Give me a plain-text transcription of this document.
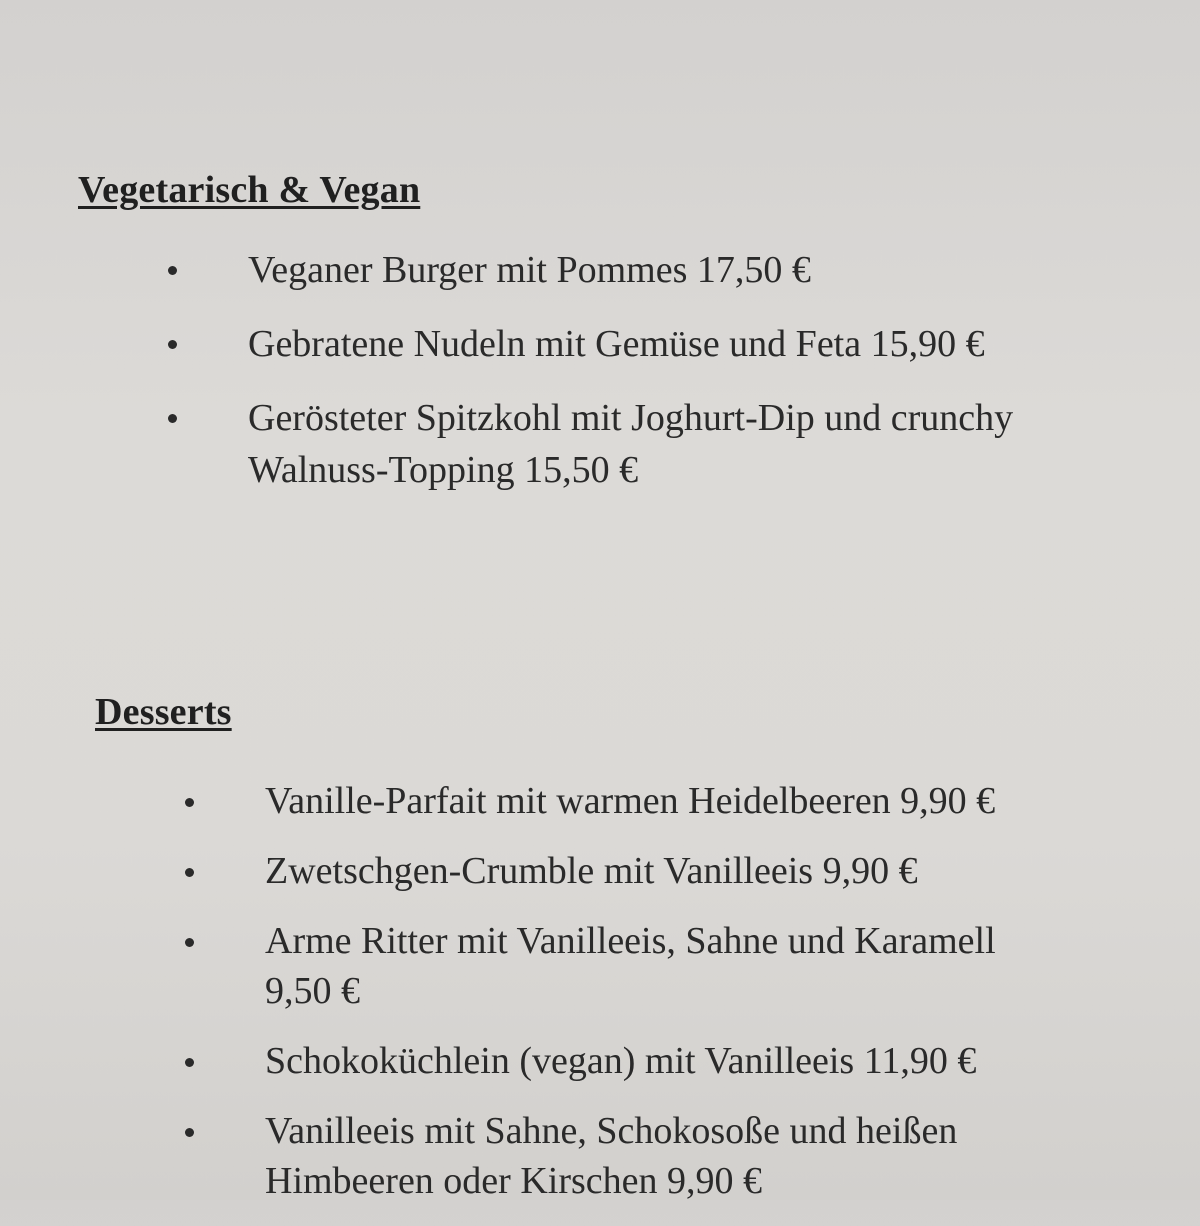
Vegetarisch & Vegan
Veganer Burger mit Pommes 17,50 €
Gebratene Nudeln mit Gemüse und Feta 15,90 €
Gerösteter Spitzkohl mit Joghurt-Dip und crunchy Walnuss-Topping 15,50 €
Desserts
Vanille-Parfait mit warmen Heidelbeeren 9,90 €
Zwetschgen-Crumble mit Vanilleeis 9,90 €
Arme Ritter mit Vanilleeis, Sahne und Karamell 9,50 €
Schokoküchlein (vegan) mit Vanilleeis 11,90 €
Vanilleeis mit Sahne, Schokosoße und heißen Himbeeren oder Kirschen 9,90 €
